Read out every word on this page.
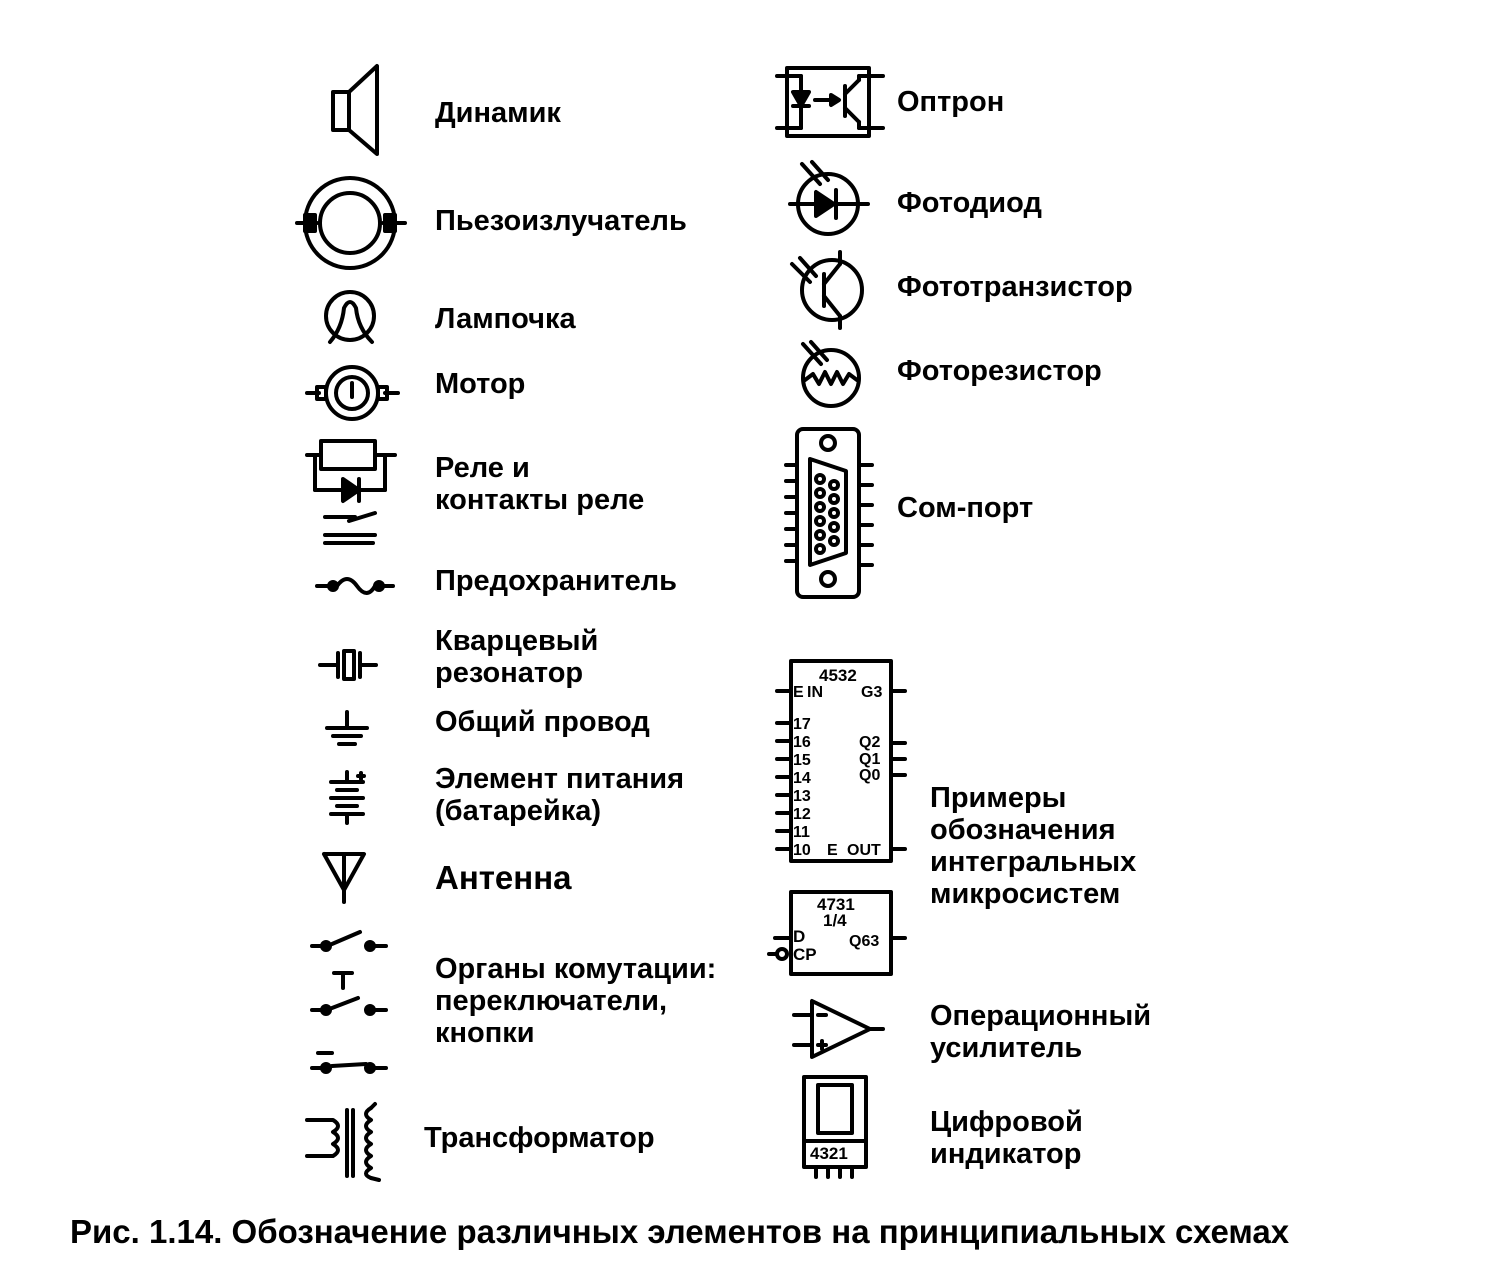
Динамик
Пьезоизлучатель
Лампочка
Мотор
Реле и
контакты реле
Предохранитель
Кварцевый
резонатор
Общий провод
Элемент питания
(батарейка)
Антенна
Органы комутации:
переключатели,
кнопки
Трансформатор
Оптрон
Фотодиод
Фототранзистор
Фоторезистор
Сом-порт
4532
E IN G3
17
16
15
14
13
12
11
10
Q2
Q1
Q0
E OUT
Примеры
обозначения
интегральных
микросистем
4731
1/4
D
CP
Q63
Операционный
усилитель
4321
Цифровой
индикатор
Рис. 1.14. Обозначение различных элементов на принципиальных схемах
